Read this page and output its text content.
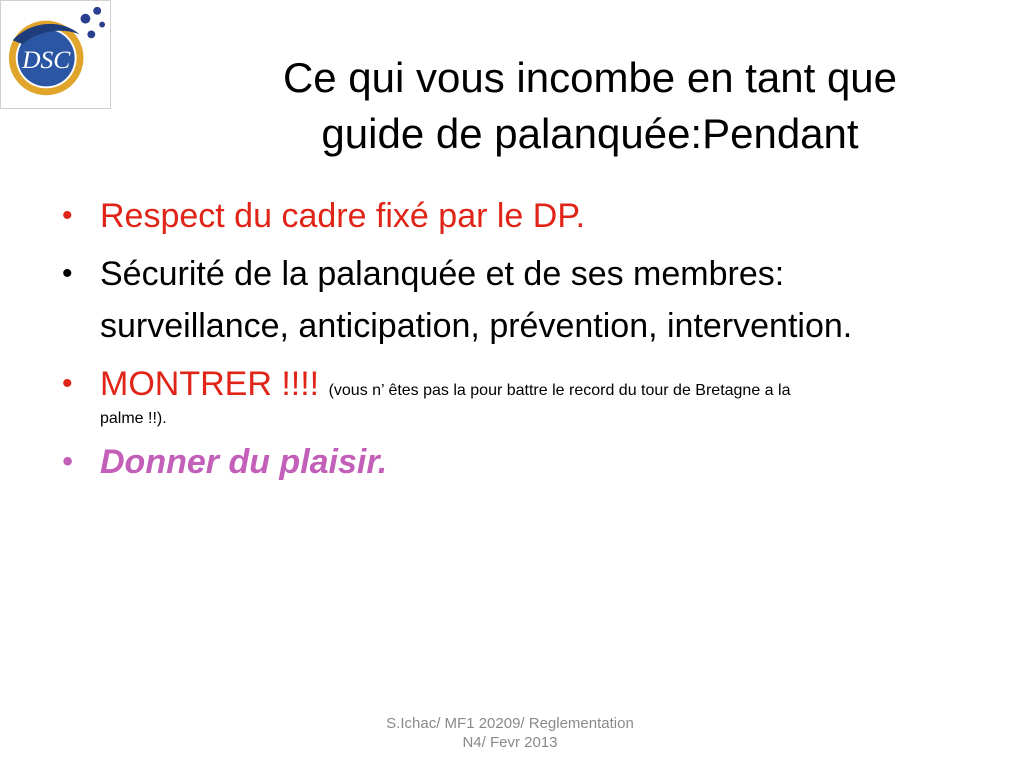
DSC	Ce qui vous incombe en tant que
guide de palanquée:Pendant
• Respect du cadre fixé par le DP.
• Sécurité de la palanquée et de ses membres: surveillance, anticipation, prévention, intervention.
• MONTRER !!!! (vous n’ êtes pas la pour battre le record du tour de Bretagne a la
palme !!).
• Donner du plaisir.
S.Ichac/ MF1 20209/ Reglementation
N4/ Fevr 2013
